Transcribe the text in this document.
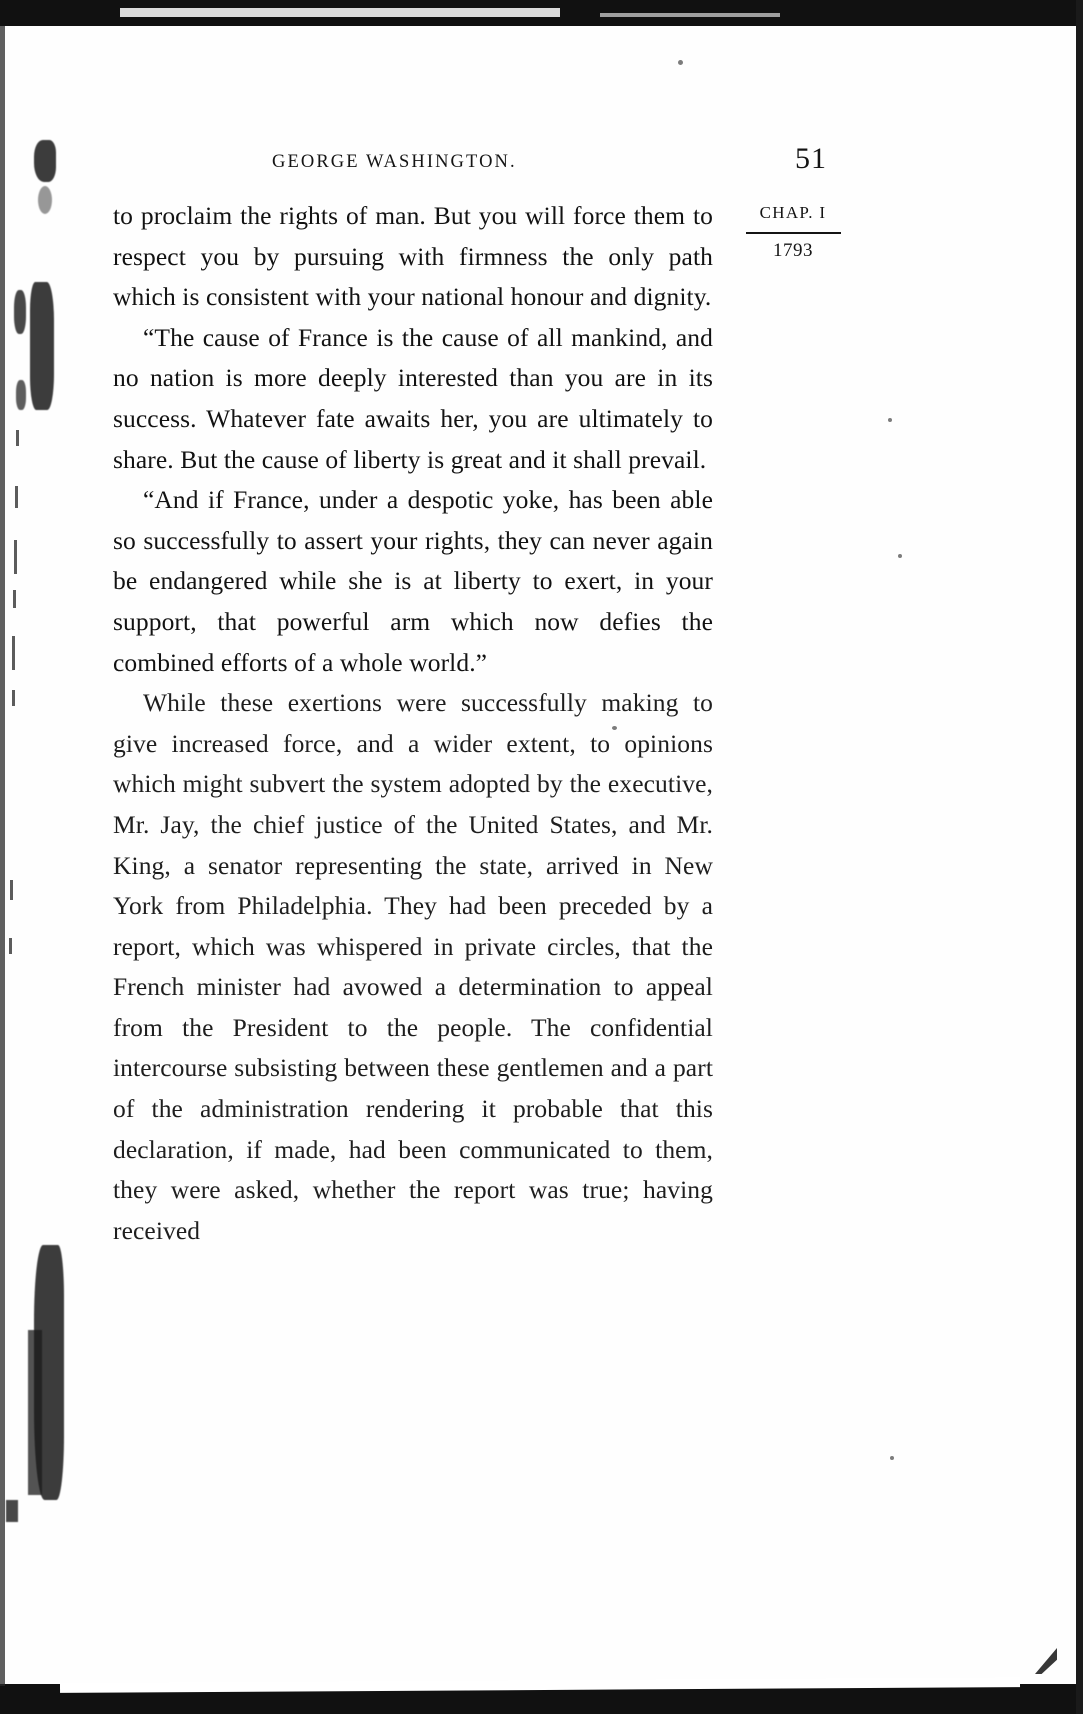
GEORGE WASHINGTON.	51
CHAP. I
1793

to proclaim the rights of man. But you will force them to respect you by pursuing with firmness the only path which is consistent with your national honour and dignity.

“The cause of France is the cause of all mankind, and no nation is more deeply interested than you are in its success. Whatever fate awaits her, you are ultimately to share. But the cause of liberty is great and it shall prevail.

“And if France, under a despotic yoke, has been able so successfully to assert your rights, they can never again be endangered while she is at liberty to exert, in your support, that powerful arm which now defies the combined efforts of a whole world.”

While these exertions were successfully making to give increased force, and a wider extent, to opinions which might subvert the system adopted by the executive, Mr. Jay, the chief justice of the United States, and Mr. King, a senator representing the state, arrived in New York from Philadelphia. They had been preceded by a report, which was whispered in private circles, that the French minister had avowed a determination to appeal from the President to the people. The confidential intercourse subsisting between these gentlemen and a part of the administration rendering it probable that this declaration, if made, had been communicated to them, they were asked, whether the report was true; having received
